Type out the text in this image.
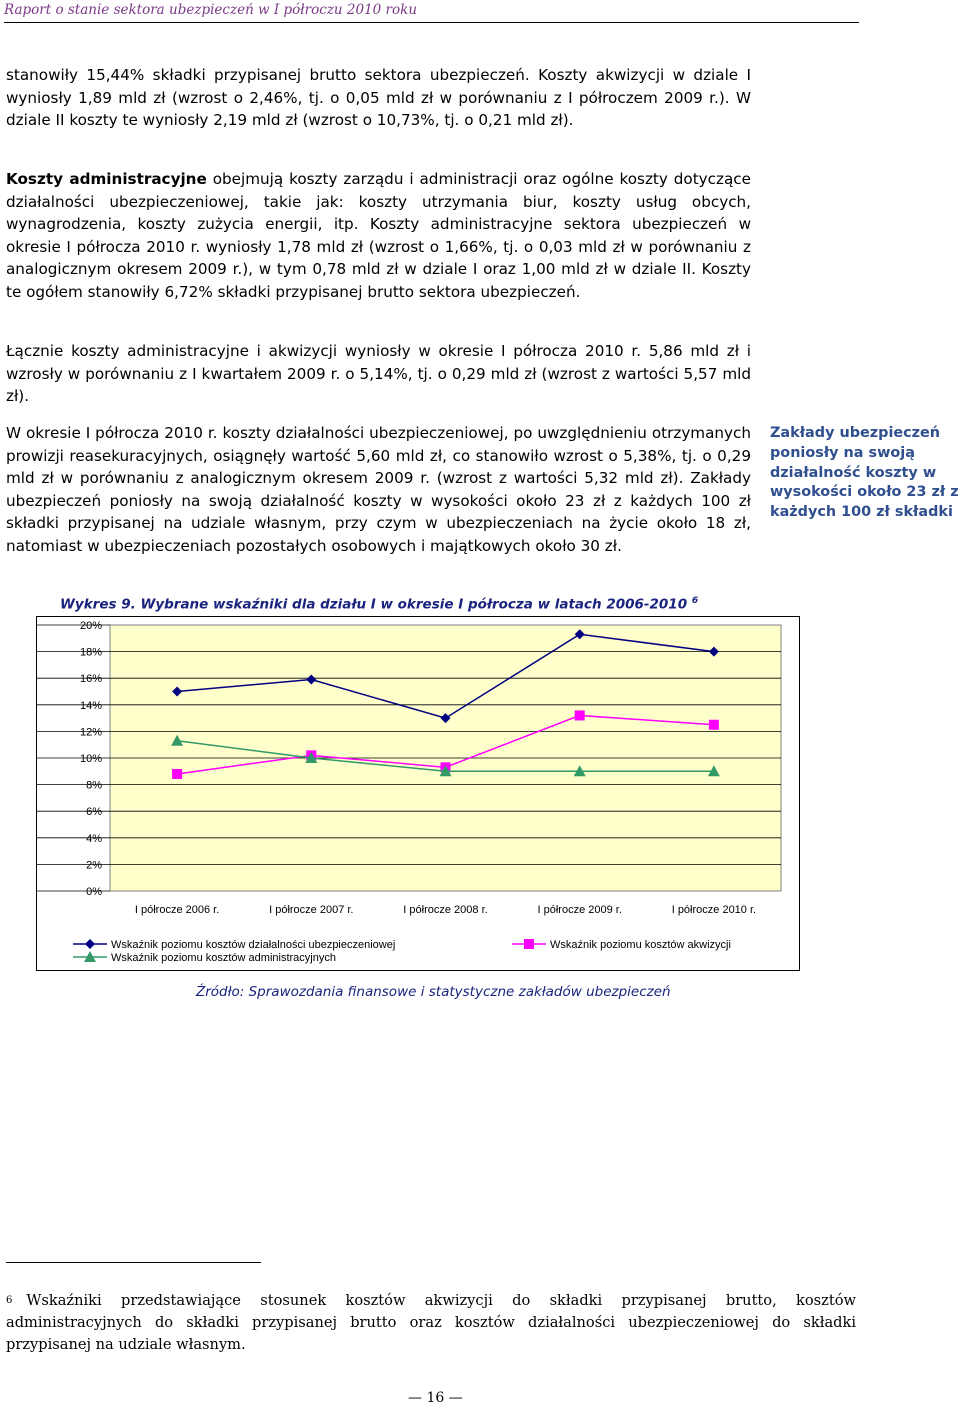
Raport o stanie sektora ubezpieczeń w I półroczu 2010 roku
stanowiły 15,44% składki przypisanej brutto sektora ubezpieczeń. Koszty akwizycji w dziale I wyniosły 1,89 mld zł (wzrost o 2,46%, tj. o 0,05 mld zł w porównaniu z I półroczem 2009 r.). W dziale II koszty te wyniosły 2,19 mld zł (wzrost o 10,73%, tj. o 0,21 mld zł).
Koszty administracyjne obejmują koszty zarządu i administracji oraz ogólne koszty dotyczące działalności ubezpieczeniowej, takie jak: koszty utrzymania biur, koszty usług obcych, wynagrodzenia, koszty zużycia energii, itp. Koszty administracyjne sektora ubezpieczeń w okresie I półrocza 2010 r. wyniosły 1,78 mld zł (wzrost o 1,66%, tj. o 0,03 mld zł w porównaniu z analogicznym okresem 2009 r.), w tym 0,78 mld zł w dziale I oraz 1,00 mld zł w dziale II. Koszty te ogółem stanowiły 6,72% składki przypisanej brutto sektora ubezpieczeń.
Łącznie koszty administracyjne i akwizycji wyniosły w okresie I półrocza 2010 r. 5,86 mld zł i wzrosły w porównaniu z I kwartałem 2009 r. o 5,14%, tj. o 0,29 mld zł (wzrost z wartości 5,57 mld zł).
W okresie I półrocza 2010 r. koszty działalności ubezpieczeniowej, po uwzględnieniu otrzymanych prowizji reasekuracyjnych, osiągnęły wartość 5,60 mld zł, co stanowiło wzrost o 5,38%, tj. o 0,29 mld zł w porównaniu z analogicznym okresem 2009 r. (wzrost z wartości 5,32 mld zł). Zakłady ubezpieczeń poniosły na swoją działalność koszty w wysokości około 23 zł z każdych 100 zł składki przypisanej na udziale własnym, przy czym w ubezpieczeniach na życie około 18 zł, natomiast w ubezpieczeniach pozostałych osobowych i majątkowych około 30 zł.
Zakłady ubezpieczeń poniosły na swoją działalność koszty w wysokości około 23 zł z każdych 100 zł składki
Wykres 9. Wybrane wskaźniki dla działu I w okresie I półrocza w latach 2006-2010 $^6$
0%
2%
4%
6%
8%
10%
12%
14%
16%
18%
20%
I półrocze 2006 r.	I półrocze 2007 r.	I półrocze 2008 r.	I półrocze 2009 r.	I półrocze 2010 r.
Wskaźnik poziomu kosztów działalności ubezpieczeniowej	Wskaźnik poziomu kosztów akwizycji
Wskaźnik poziomu kosztów administracyjnych
Źródło: Sprawozdania finansowe i statystyczne zakładów ubezpieczeń
$^6$ Wskaźniki przedstawiające stosunek kosztów akwizycji do składki przypisanej brutto, kosztów administracyjnych do składki przypisanej brutto oraz kosztów działalności ubezpieczeniowej do składki przypisanej na udziale własnym.
— 16 —
